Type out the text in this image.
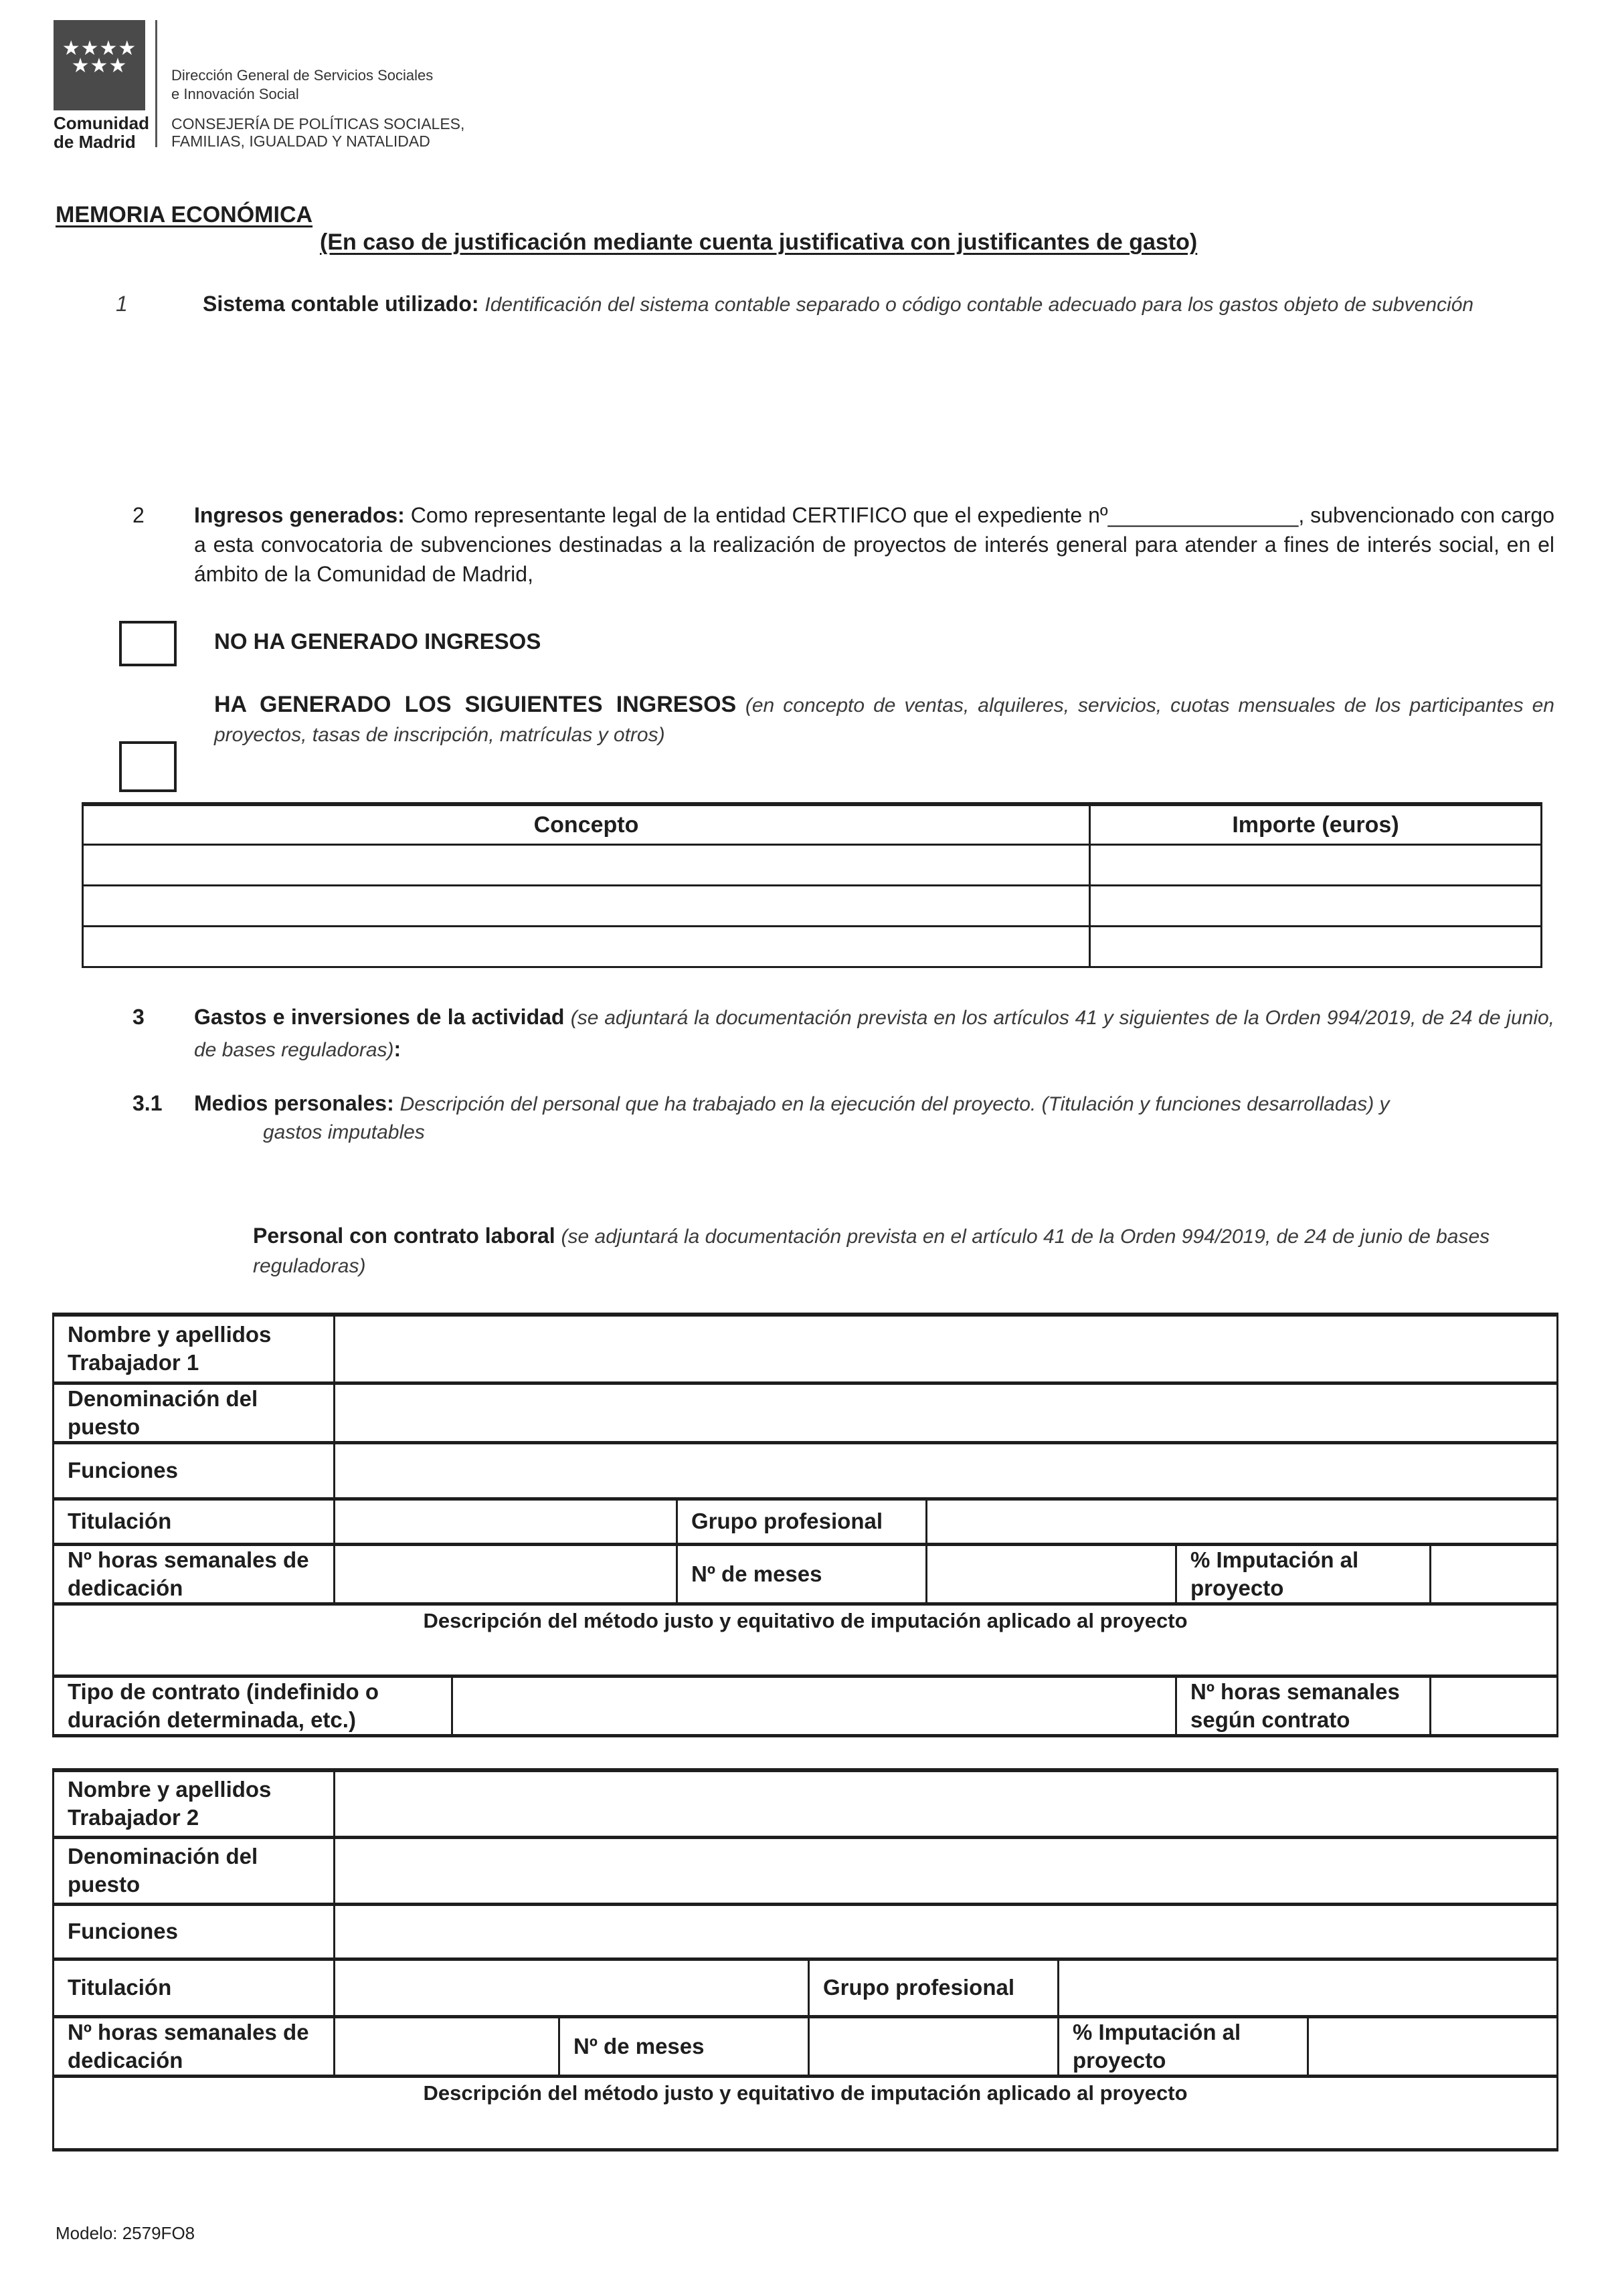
★★★★
★★★
Comunidad
de Madrid
Dirección General de Servicios Sociales
e Innovación Social
CONSEJERÍA DE POLÍTICAS SOCIALES,
FAMILIAS, IGUALDAD Y NATALIDAD
MEMORIA ECONÓMICA
(En caso de justificación mediante cuenta justificativa con justificantes de gasto)
1	Sistema contable utilizado: Identificación del sistema contable separado o código contable adecuado para los gastos objeto de subvención
2 Ingresos generados: Como representante legal de la entidad CERTIFICO que el expediente nº________________, subvencionado con cargo a esta convocatoria de subvenciones destinadas a la realización de proyectos de interés general para atender a fines de interés social, en el ámbito de la Comunidad de Madrid,
NO HA GENERADO INGRESOS
HA GENERADO LOS SIGUIENTES INGRESOS (en concepto de ventas, alquileres, servicios, cuotas mensuales de los participantes en proyectos, tasas de inscripción, matrículas y otros)
Concepto	Importe (euros)

3 Gastos e inversiones de la actividad (se adjuntará la documentación prevista en los artículos 41 y siguientes de la Orden 994/2019, de 24 de junio, de bases reguladoras):
3.1 Medios personales: Descripción del personal que ha trabajado en la ejecución del proyecto. (Titulación y funciones desarrolladas) y
gastos imputables
Personal con contrato laboral (se adjuntará la documentación prevista en el artículo 41 de la Orden 994/2019, de 24 de junio de bases reguladoras)
Nombre y apellidos
Trabajador 1						
Denominación del puesto						
Funciones						
Titulación			Grupo profesional			
Nº horas semanales de dedicación			Nº de meses		% Imputación al proyecto	
Descripción del método justo y equitativo de imputación aplicado al proyecto						
Tipo de contrato (indefinido o duración determinada, etc.)					Nº horas semanales según contrato	
Nombre y apellidos
Trabajador 2					
Denominación del puesto					
Funciones					
Titulación			Grupo profesional		
Nº horas semanales de dedicación		Nº de meses		% Imputación al proyecto	
Descripción del método justo y equitativo de imputación aplicado al proyecto					
Modelo: 2579FO8
